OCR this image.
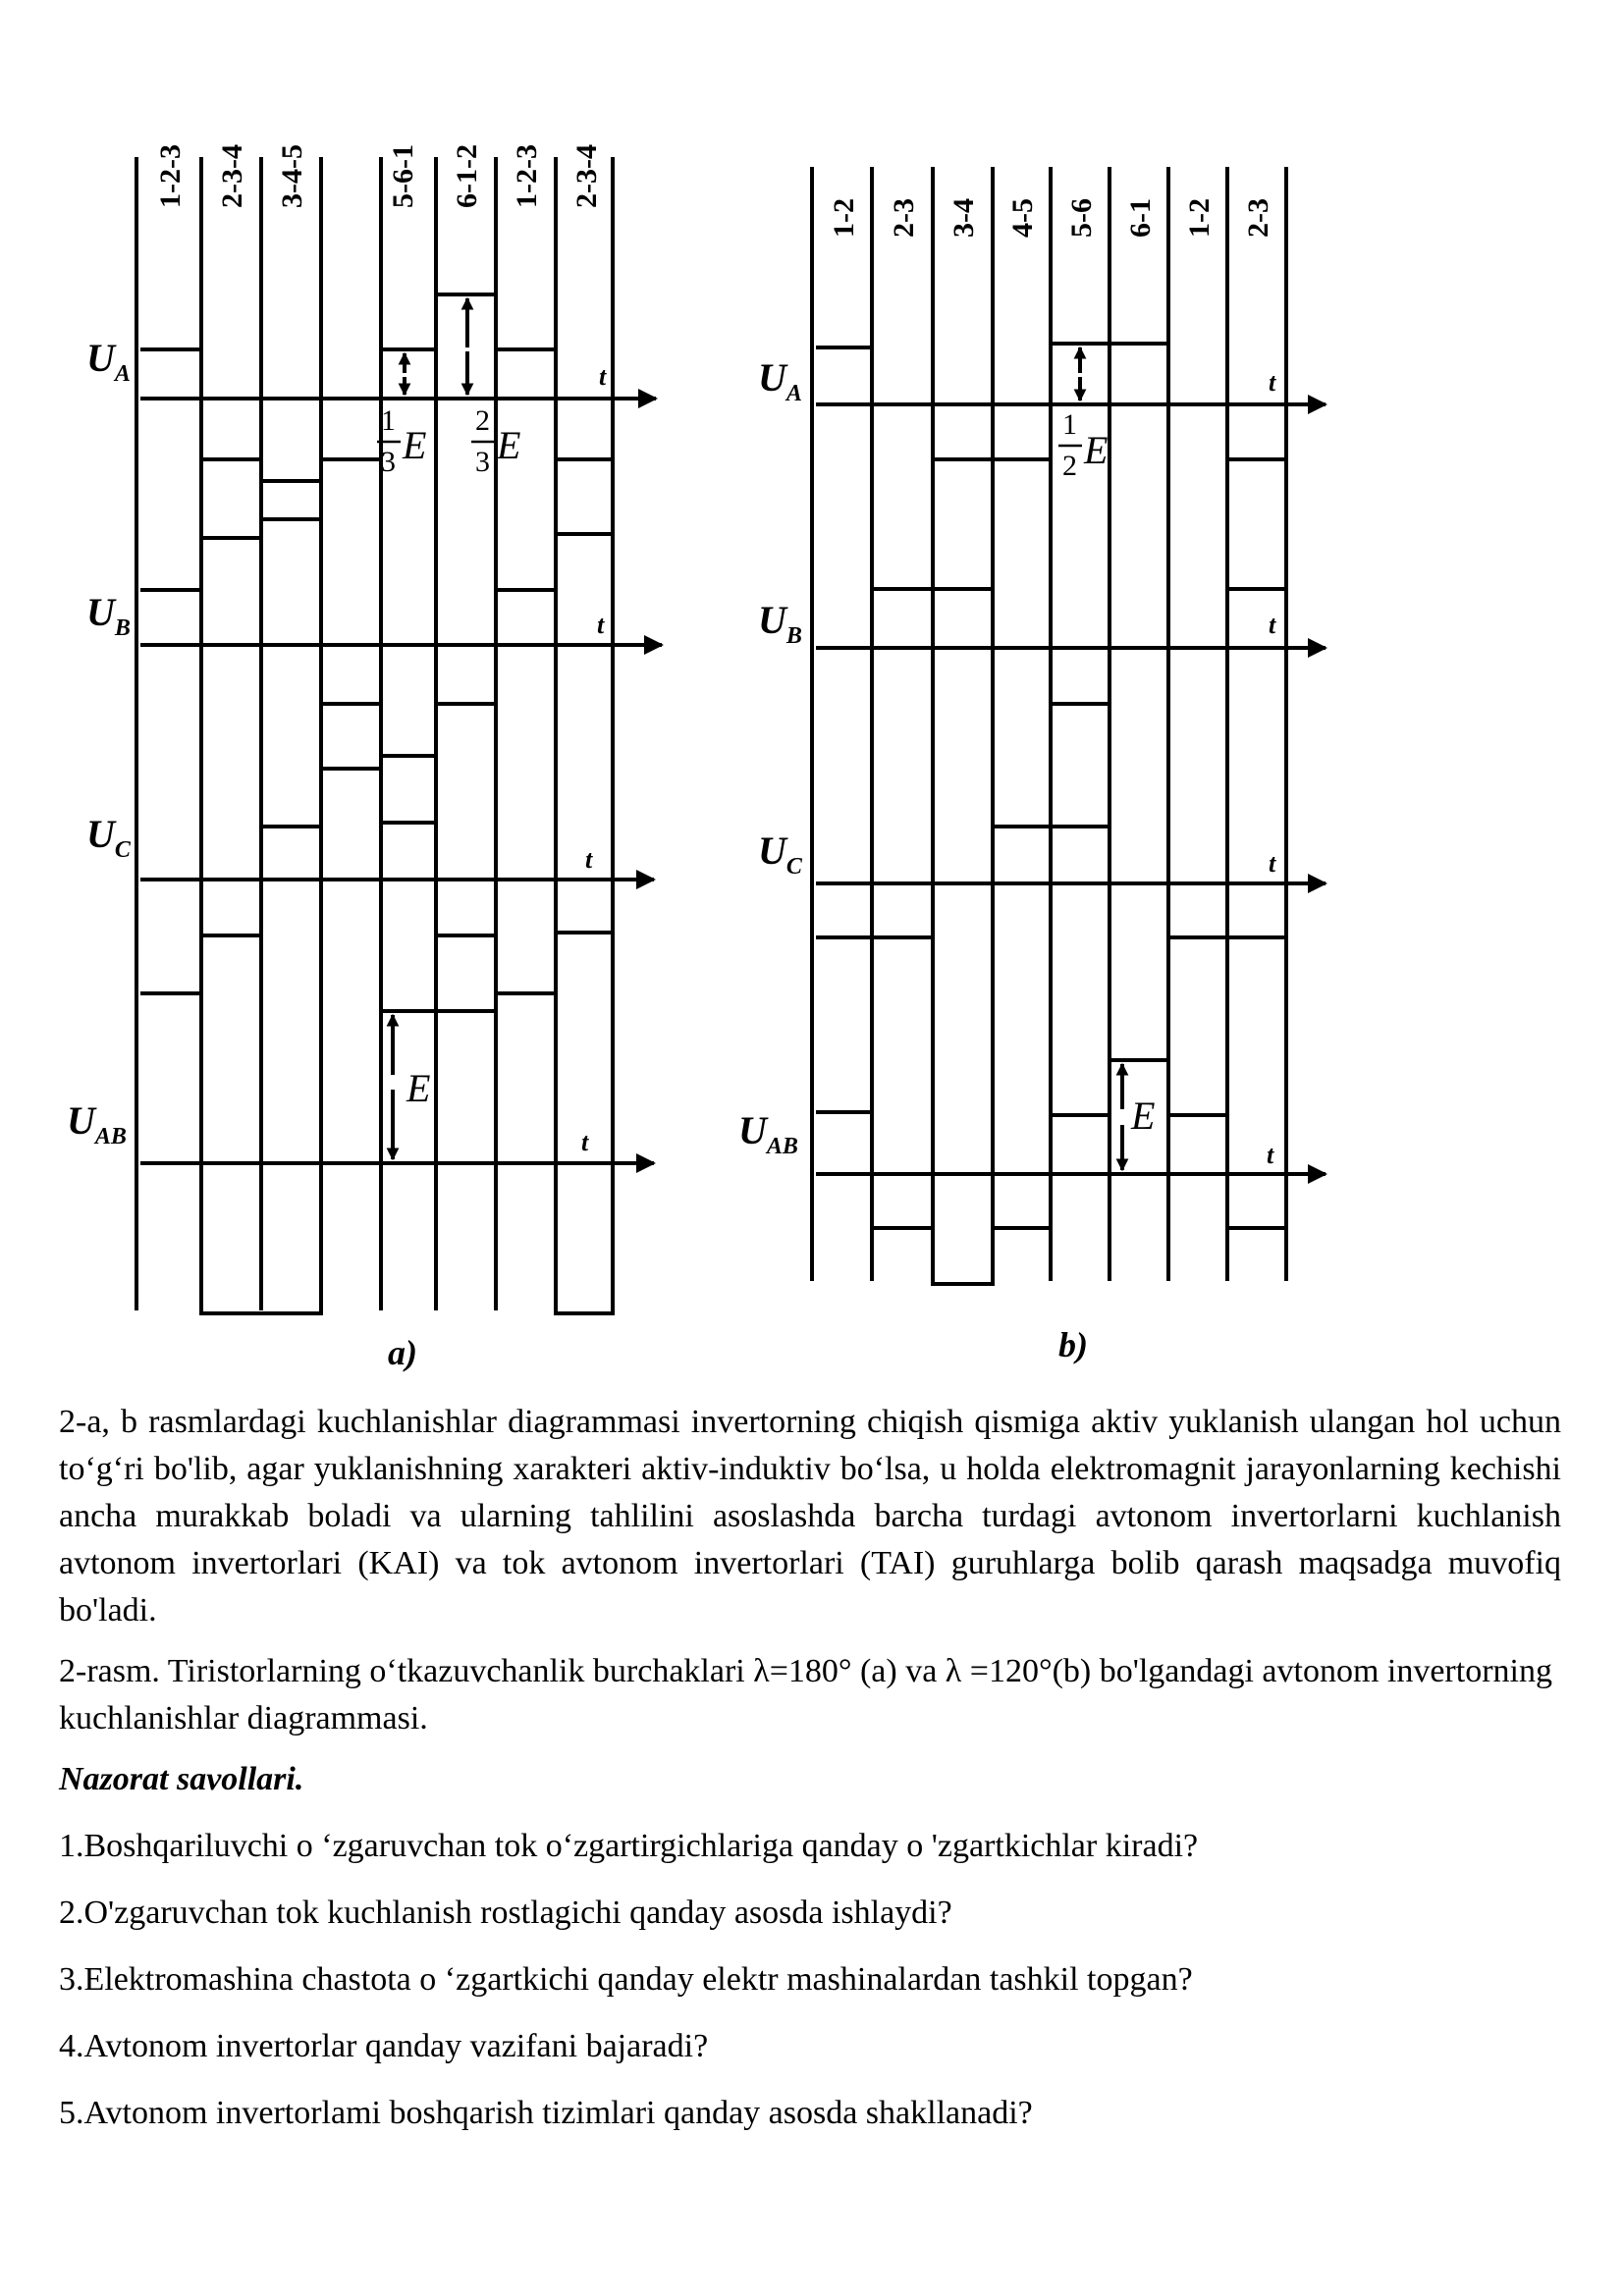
1-2-3 2-3-4 3-4-5	5-6-1 6-1-2 1-2-3 2-3-4
UA	t
UB	t
UC	t
UAB	t
1
3 E
2
3 E
E
a)
1-2 2-3 3-4 4-5 5-6 6-1 1-2 2-3
UA	t
UB	t
UC	t
UAB	t
1
2 E
E
b)

2-a, b rasmlardagi kuchlanishlar diagrammasi invertorning chiqish qismiga aktiv yuklanish ulangan hol uchun to‘g‘ri bo'lib, agar yuklanishning xarakteri aktiv-induktiv bo‘lsa, u holda elektromagnit jarayonlarning kechishi ancha murakkab boladi va ularning tahlilini asoslashda barcha turdagi avtonom invertorlarni kuchlanish avtonom invertorlari (KAI) va tok avtonom invertorlari (TAI) guruhlarga bolib qarash maqsadga muvofiq bo'ladi.

2-rasm. Tiristorlarning o‘tkazuvchanlik burchaklari λ=180° (a) va λ =120°(b) bo'lgandagi avtonom invertorning kuchlanishlar diagrammasi.

Nazorat savollari.

1.Boshqariluvchi o ‘zgaruvchan tok o‘zgartirgichlariga qanday o 'zgartkichlar kiradi?

2.O'zgaruvchan tok kuchlanish rostlagichi qanday asosda ishlaydi?

3.Elektromashina chastota o ‘zgartkichi qanday elektr mashinalardan tashkil topgan?

4.Avtonom invertorlar qanday vazifani bajaradi?

5.Avtonom invertorlami boshqarish tizimlari qanday asosda shakllanadi?
